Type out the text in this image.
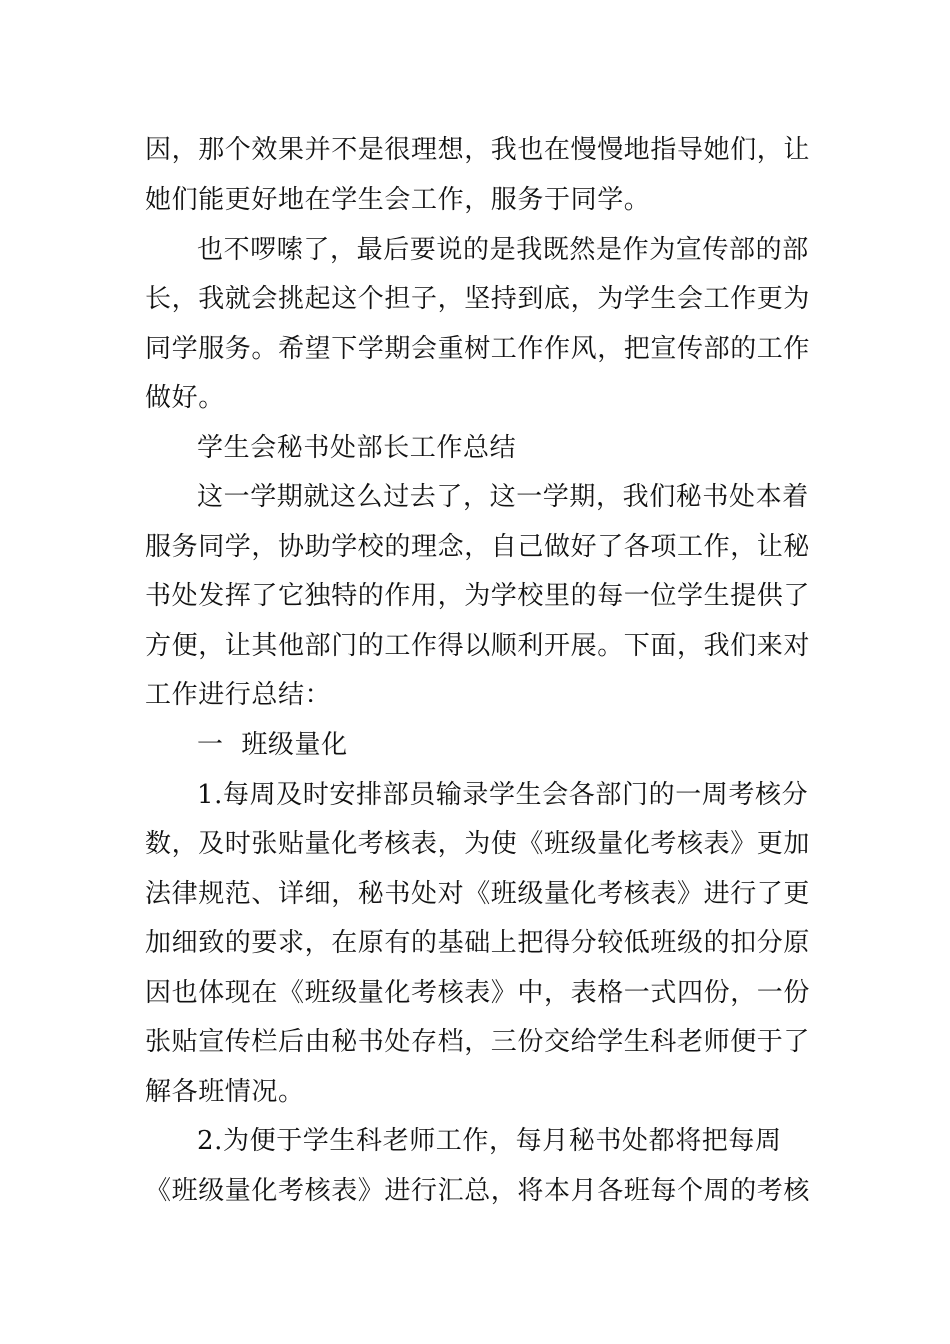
因，那个效果并不是很理想，我也在慢慢地指导她们，让
她们能更好地在学生会工作，服务于同学。
也不啰嗦了，最后要说的是我既然是作为宣传部的部
长，我就会挑起这个担子，坚持到底，为学生会工作更为
同学服务。希望下学期会重树工作作风，把宣传部的工作
做好。
学生会秘书处部长工作总结
这一学期就这么过去了，这一学期，我们秘书处本着
服务同学，协助学校的理念，自己做好了各项工作，让秘
书处发挥了它独特的作用，为学校里的每一位学生提供了
方便，让其他部门的工作得以顺利开展。下面，我们来对
工作进行总结：
一  班级量化
1.每周及时安排部员输录学生会各部门的一周考核分
数，及时张贴量化考核表，为使《班级量化考核表》更加
法律规范、详细，秘书处对《班级量化考核表》进行了更
加细致的要求，在原有的基础上把得分较低班级的扣分原
因也体现在《班级量化考核表》中，表格一式四份，一份
张贴宣传栏后由秘书处存档，三份交给学生科老师便于了
解各班情况。
2.为便于学生科老师工作，每月秘书处都将把每周
《班级量化考核表》进行汇总，将本月各班每个周的考核
